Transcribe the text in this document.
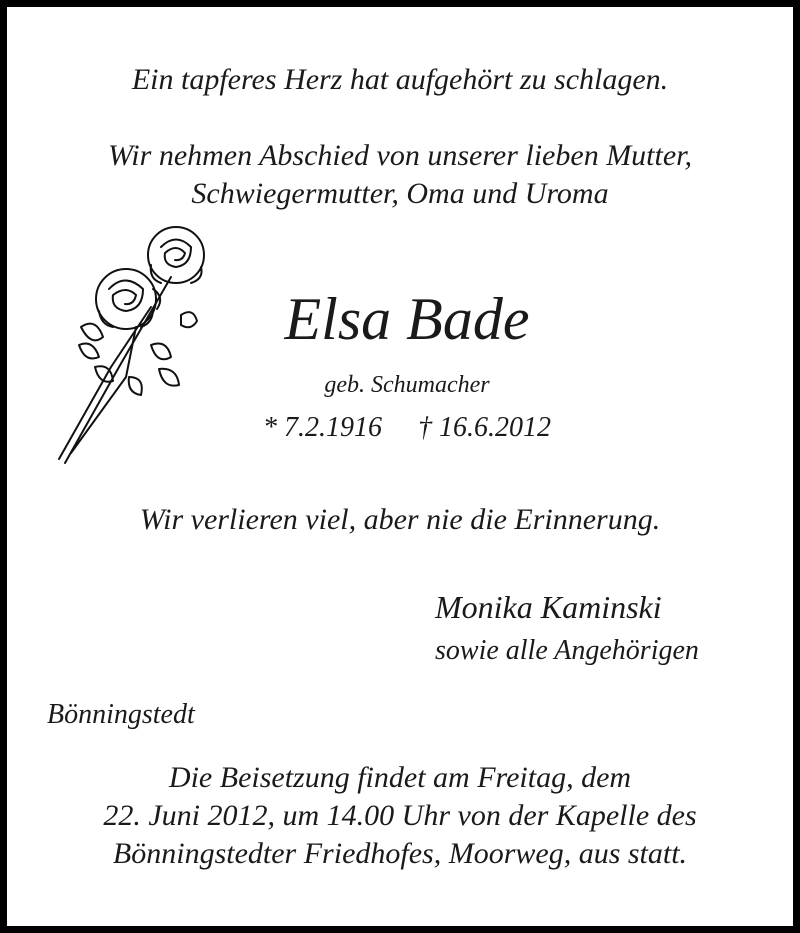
Ein tapferes Herz hat aufgehört zu schlagen.
Wir nehmen Abschied von unserer lieben Mutter,
Schwiegermutter, Oma und Uroma
Elsa Bade
geb. Schumacher
* 7.2.1916 † 16.6.2012
Wir verlieren viel, aber nie die Erinnerung.
Monika Kaminski
sowie alle Angehörigen
Bönningstedt
Die Beisetzung findet am Freitag, dem
22. Juni 2012, um 14.00 Uhr von der Kapelle des
Bönningstedter Friedhofes, Moorweg, aus statt.
